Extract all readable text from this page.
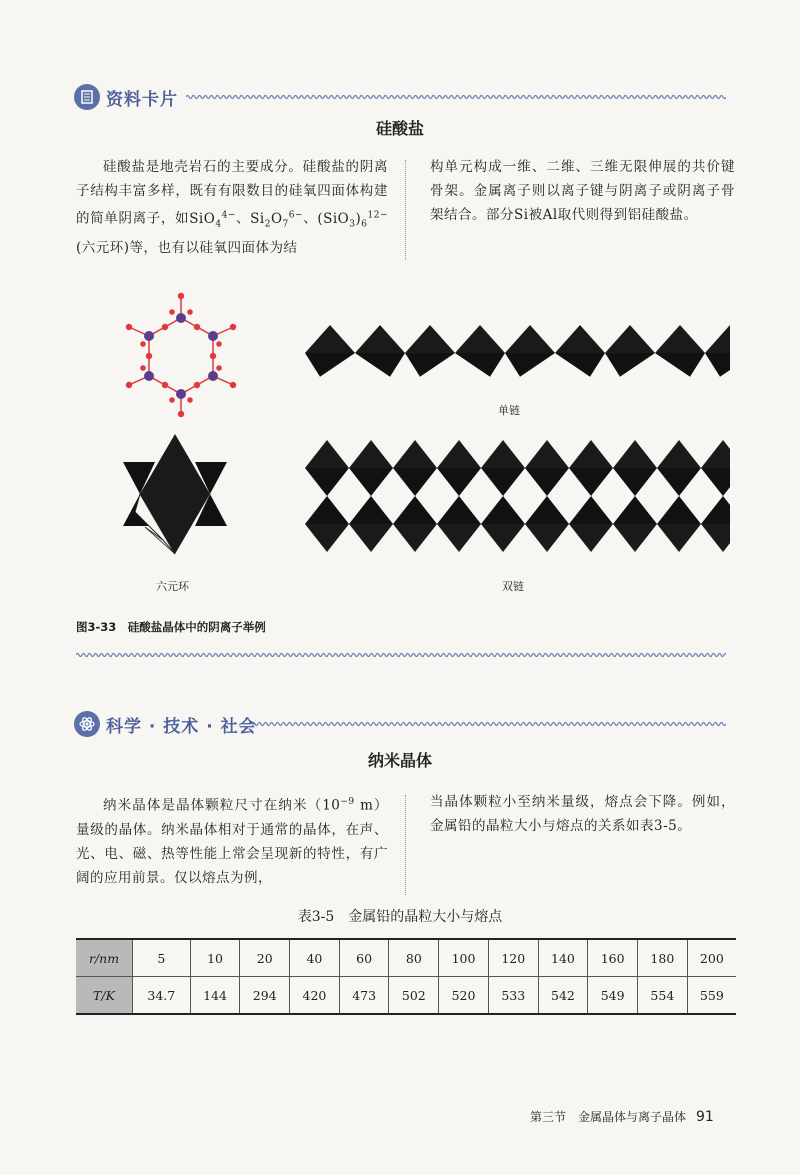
资料卡片
硅酸盐

硅酸盐是地壳岩石的主要成分。硅酸盐的阴离子结构丰富多样，既有有限数目的硅氧四面体构建的简单阴离子，如SiO$_4^{4-}$、$Si_2O_7^{6-}$、$(SiO_3)_6^{12-}$(六元环)等，也有以硅氧四面体为结

构单元构成一维、二维、三维无限伸展的共价键骨架。金属离子则以离子键与阴离子或阴离子骨架结合。部分Si被Al取代则得到铝硅酸盐。

单链
六元环	双链
图3-33　硅酸盐晶体中的阴离子举例
科学 · 技术 · 社会
纳米晶体

纳米晶体是晶体颗粒尺寸在纳米（$10^{-9}$ m）量级的晶体。纳米晶体相对于通常的晶体，在声、光、电、磁、热等性能上常会呈现新的特性，有广阔的应用前景。仅以熔点为例，

当晶体颗粒小至纳米量级，熔点会下降。例如，金属铅的晶粒大小与熔点的关系如表3-5。

表3-5　金属铅的晶粒大小与熔点
r/nm	5	10	20	40	60	80	100	120	140	160	180	200
T/K	34.7	144	294	420	473	502	520	533	542	549	554	559
第三节　金属晶体与离子晶体 91
